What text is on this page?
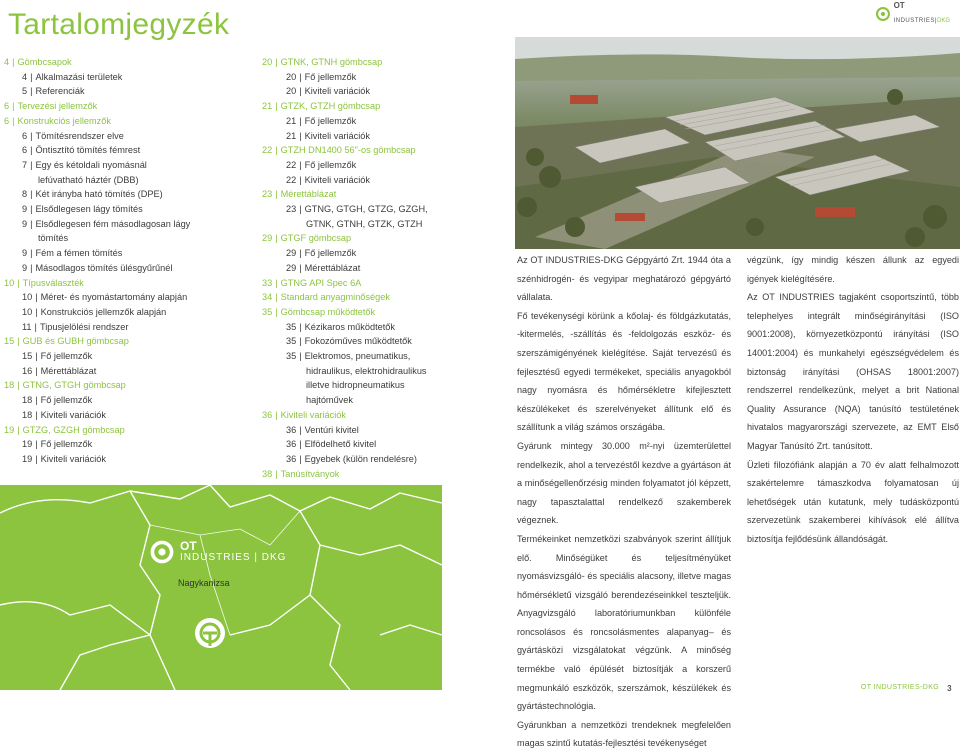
Tartalomjegyzék
OT
INDUSTRIES|DKG
4 | Gömbcsapok
4 | Alkalmazási területek
5 | Referenciák
6 | Tervezési jellemzők
6 | Konstrukciós jellemzők
6 | Tömítésrendszer elve
6 | Öntisztító tömítés fémrest
7 | Egy és kétoldali nyomásnál
lefúvatható háztér (DBB)
8 | Két irányba ható tömítés (DPE)
9 | Elsődlegesen lágy tömítés
9 | Elsődlegesen fém másodlagosan lágy
tömítés
9 | Fém a fémen tömítés
9 | Másodlagos tömítés ülésgyűrűnél
10 | Típusválaszték
10 | Méret- és nyomástartomány alapján
10 | Konstrukciós jellemzők alapján
11 | Tipusjelölési rendszer
15 | GUB és GUBH gömbcsap
15 | Fő jellemzők
16 | Mérettáblázat
18 | GTNG, GTGH gömbcsap
18 | Fő jellemzők
18 | Kiviteli variációk
19 | GTZG, GZGH gömbcsap
19 | Fő jellemzők
19 | Kiviteli variációk
20 | GTNK, GTNH gömbcsap
20 | Fő jellemzők
20 | Kiviteli variációk
21 | GTZK, GTZH gömbcsap
21 | Fő jellemzők
21 | Kiviteli variációk
22 | GTZH DN1400 56"-os gömbcsap
22 | Fő jellemzők
22 | Kiviteli variációk
23 | Mérettáblázat
23 | GTNG, GTGH, GTZG, GZGH,
GTNK, GTNH, GTZK, GTZH
29 | GTGF gömbcsap
29 | Fő jellemzők
29 | Mérettáblázat
33 | GTNG API Spec 6A
34 | Standard anyagminőségek
35 | Gömbcsap működtetők
35 | Kézikaros működtetők
35 | Fokozóműves működtetők
35 | Elektromos, pneumatikus,
hidraulikus, elektrohidraulikus
illetve hidropneumatikus
hajtóművek
36 | Kiviteli variációk
36 | Ventúri kivitel
36 | Elfödelhető kivitel
36 | Egyebek (külön rendelésre)
38 | Tanúsítványok
OT
INDUSTRIES | DKG
Nagykanizsa

Az OT INDUSTRIES-DKG Gépgyártó Zrt. 1944 óta a szénhidrogén- és vegyipar meghatározó gépgyártó vállalata.

Fő tevékenységi körünk a kőolaj- és földgázkutatás, -kitermelés, -szállítás és -feldolgozás eszköz- és szerszámigényének kielégítése. Saját tervezésű és fejlesztésű egyedi termékeket, speciális anyagokból nagy nyomásra és hőmérsékletre kifejlesztett készülékeket és szerelvényeket állítunk elő és szállítunk a világ számos országába.

Gyárunk mintegy 30.000 m²-nyi üzemterülettel rendelkezik, ahol a tervezéstől kezdve a gyártáson át a minőségellenőrzésig minden folyamatot jól képzett, nagy tapasztalattal rendelkező szakemberek végeznek.

Termékeinket nemzetközi szabványok szerint állítjuk elő. Minőségüket és teljesítményüket nyomásvizsgáló- és speciális alacsony, illetve magas hőmérsékletű vizsgáló berendezéseinkkel teszteljük. Anyagvizsgáló laboratóriumunkban különféle roncsolásos és roncsolásmentes alapanyag– és gyártásközi vizsgálatokat végzünk. A minőség termékbe való épülését biztosítják a korszerű megmunkáló eszközök, szerszámok, készülékek és gyártástechnológia.

Gyárunkban a nemzetközi trendeknek megfelelően magas szintű kutatás-fejlesztési tevékenységet

végzünk, így mindig készen állunk az egyedi igények kielégítésére.

Az OT INDUSTRIES tagjaként csoportszintű, több telephelyes integrált minőségirányítási (ISO 9001:2008), környezetközpontú irányítási (ISO 14001:2004) és munkahelyi egészségvédelem és biztonság irányítási (OHSAS 18001:2007) rendszerrel rendelkezünk, melyet a brit National Quality Assurance (NQA) tanúsító testületének hivatalos magyarországi szervezete, az EMT Első Magyar Tanúsító Zrt. tanúsított.

Üzleti filozófiánk alapján a 70 év alatt felhalmozott szakértelemre támaszkodva folyamatosan új lehetőségek után kutatunk, mely tudásközpontú szervezetünk szakemberei kihívások elé állítva biztosítja fejlődésünk állandóságát.

OT INDUSTRIES-DKG 3
